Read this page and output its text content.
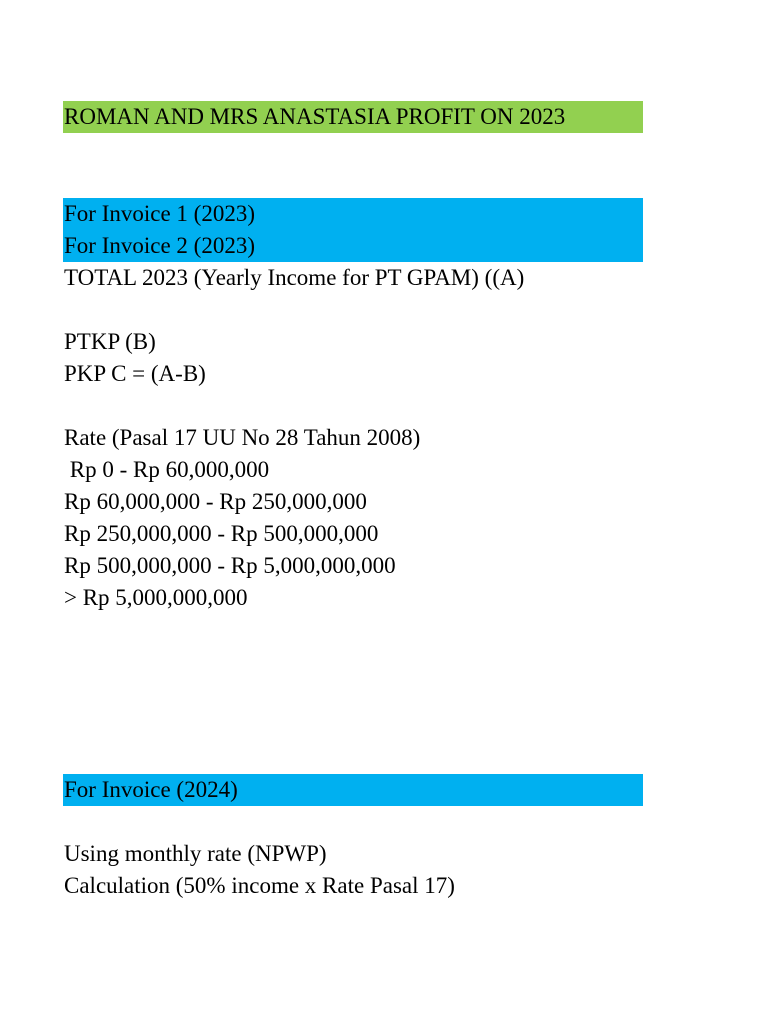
ROMAN AND MRS ANASTASIA PROFIT ON 2023
For Invoice 1 (2023)
For Invoice 2 (2023)
TOTAL 2023 (Yearly Income for PT GPAM) ((A)
PTKP (B)
PKP C = (A-B)
Rate (Pasal 17 UU No 28 Tahun 2008)
Rp 0 - Rp 60,000,000
Rp 60,000,000 - Rp 250,000,000
Rp 250,000,000 - Rp 500,000,000
Rp 500,000,000 - Rp 5,000,000,000
> Rp 5,000,000,000
For Invoice (2024)
Using monthly rate (NPWP)
Calculation (50% income x Rate Pasal 17)
